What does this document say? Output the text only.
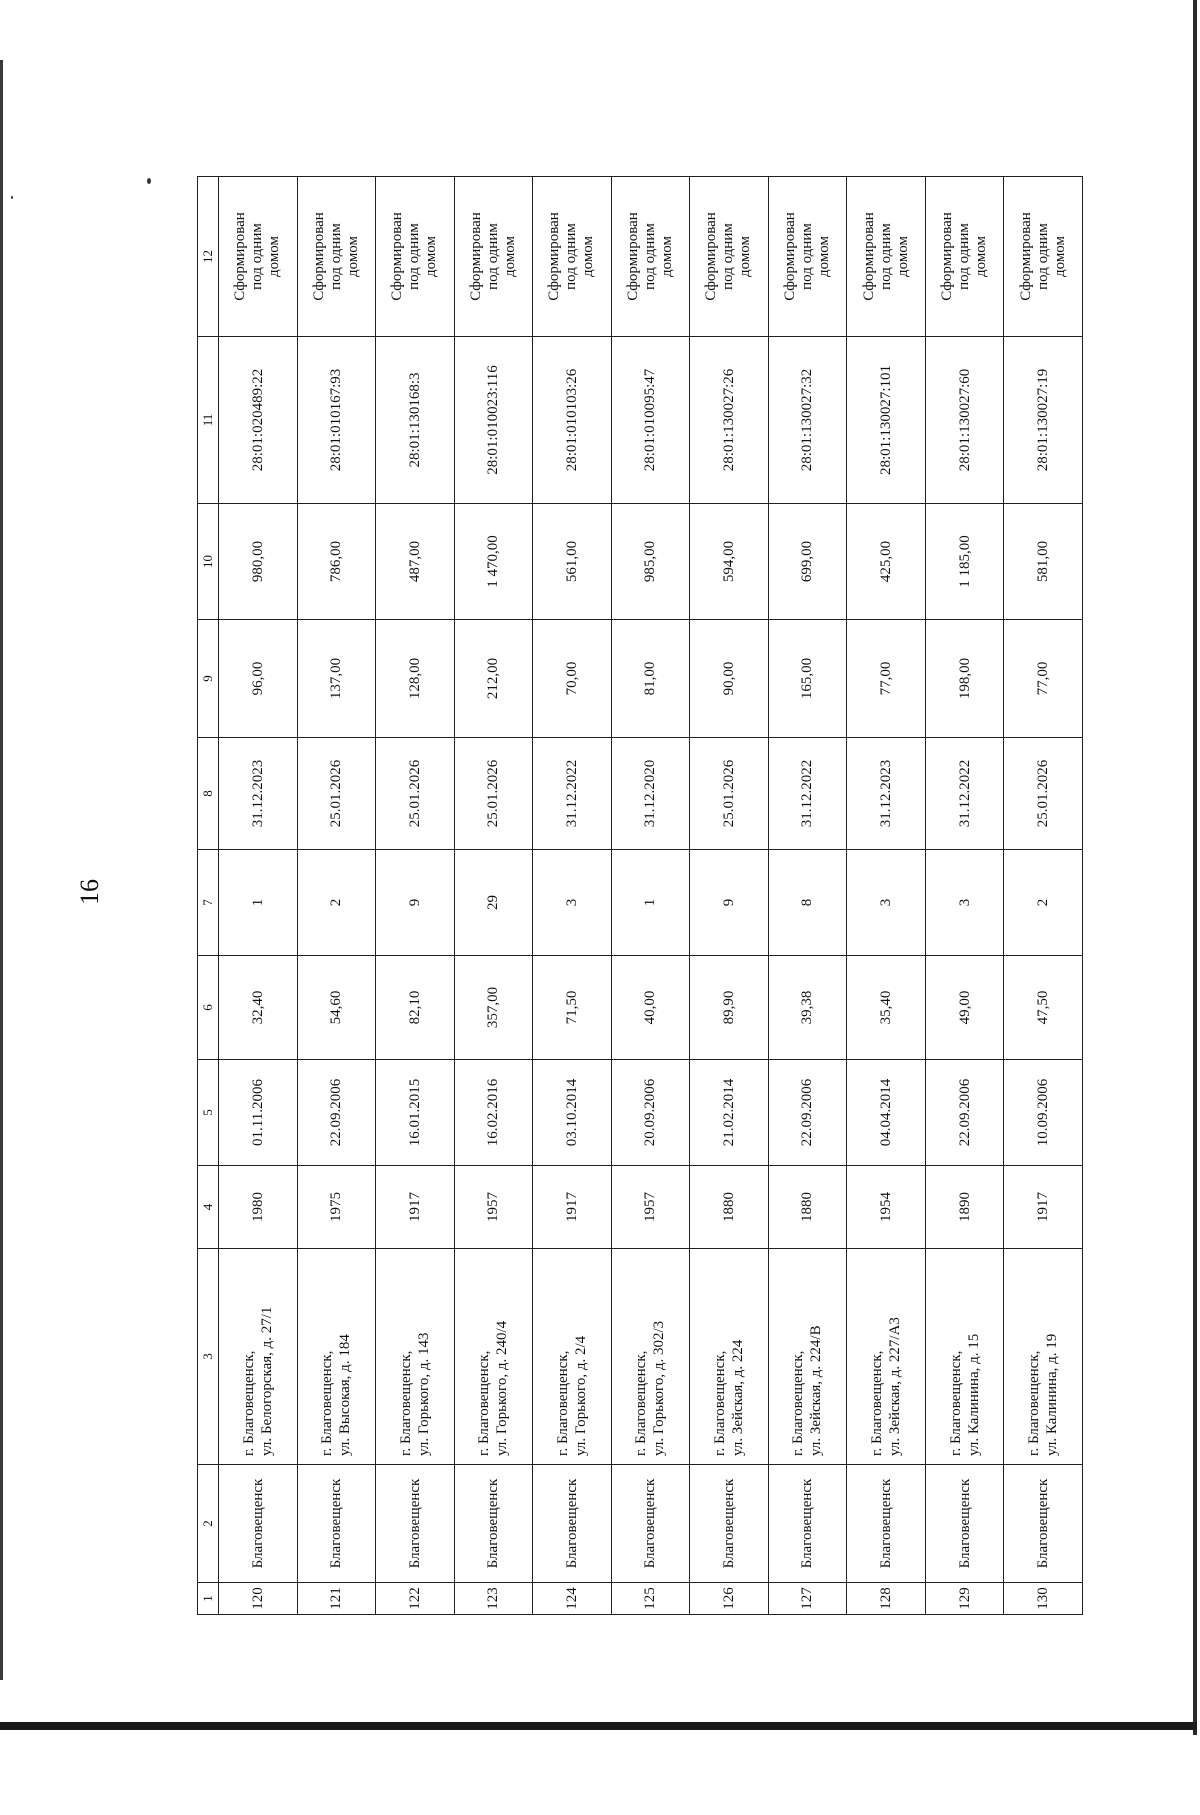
16
1	2	3	4	5	6	7	8	9	10	11	12
120	Благовещенск	г. Благовещенск, ул. Белогорская, д. 27/1	1980	01.11.2006	32,40	1	31.12.2023	96,00	980,00	28:01:020489:22	Сформирован
под одним
домом
121	Благовещенск	г. Благовещенск, ул. Высокая, д. 184	1975	22.09.2006	54,60	2	25.01.2026	137,00	786,00	28:01:010167:93	Сформирован
под одним
домом
122	Благовещенск	г. Благовещенск, ул. Горького, д. 143	1917	16.01.2015	82,10	9	25.01.2026	128,00	487,00	28:01:130168:3	Сформирован
под одним
домом
123	Благовещенск	г. Благовещенск, ул. Горького, д. 240/4	1957	16.02.2016	357,00	29	25.01.2026	212,00	1 470,00	28:01:010023:116	Сформирован
под одним
домом
124	Благовещенск	г. Благовещенск, ул. Горького, д. 2/4	1917	03.10.2014	71,50	3	31.12.2022	70,00	561,00	28:01:010103:26	Сформирован
под одним
домом
125	Благовещенск	г. Благовещенск, ул. Горького, д. 302/3	1957	20.09.2006	40,00	1	31.12.2020	81,00	985,00	28:01:010095:47	Сформирован
под одним
домом
126	Благовещенск	г. Благовещенск, ул. Зейская, д. 224	1880	21.02.2014	89,90	9	25.01.2026	90,00	594,00	28:01:130027:26	Сформирован
под одним
домом
127	Благовещенск	г. Благовещенск, ул. Зейская, д. 224/В	1880	22.09.2006	39,38	8	31.12.2022	165,00	699,00	28:01:130027:32	Сформирован
под одним
домом
128	Благовещенск	г. Благовещенск, ул. Зейская, д. 227/А3	1954	04.04.2014	35,40	3	31.12.2023	77,00	425,00	28:01:130027:101	Сформирован
под одним
домом
129	Благовещенск	г. Благовещенск, ул. Калинина, д. 15	1890	22.09.2006	49,00	3	31.12.2022	198,00	1 185,00	28:01:130027:60	Сформирован
под одним
домом
130	Благовещенск	г. Благовещенск, ул. Калинина, д. 19	1917	10.09.2006	47,50	2	25.01.2026	77,00	581,00	28:01:130027:19	Сформирован
под одним
домом
